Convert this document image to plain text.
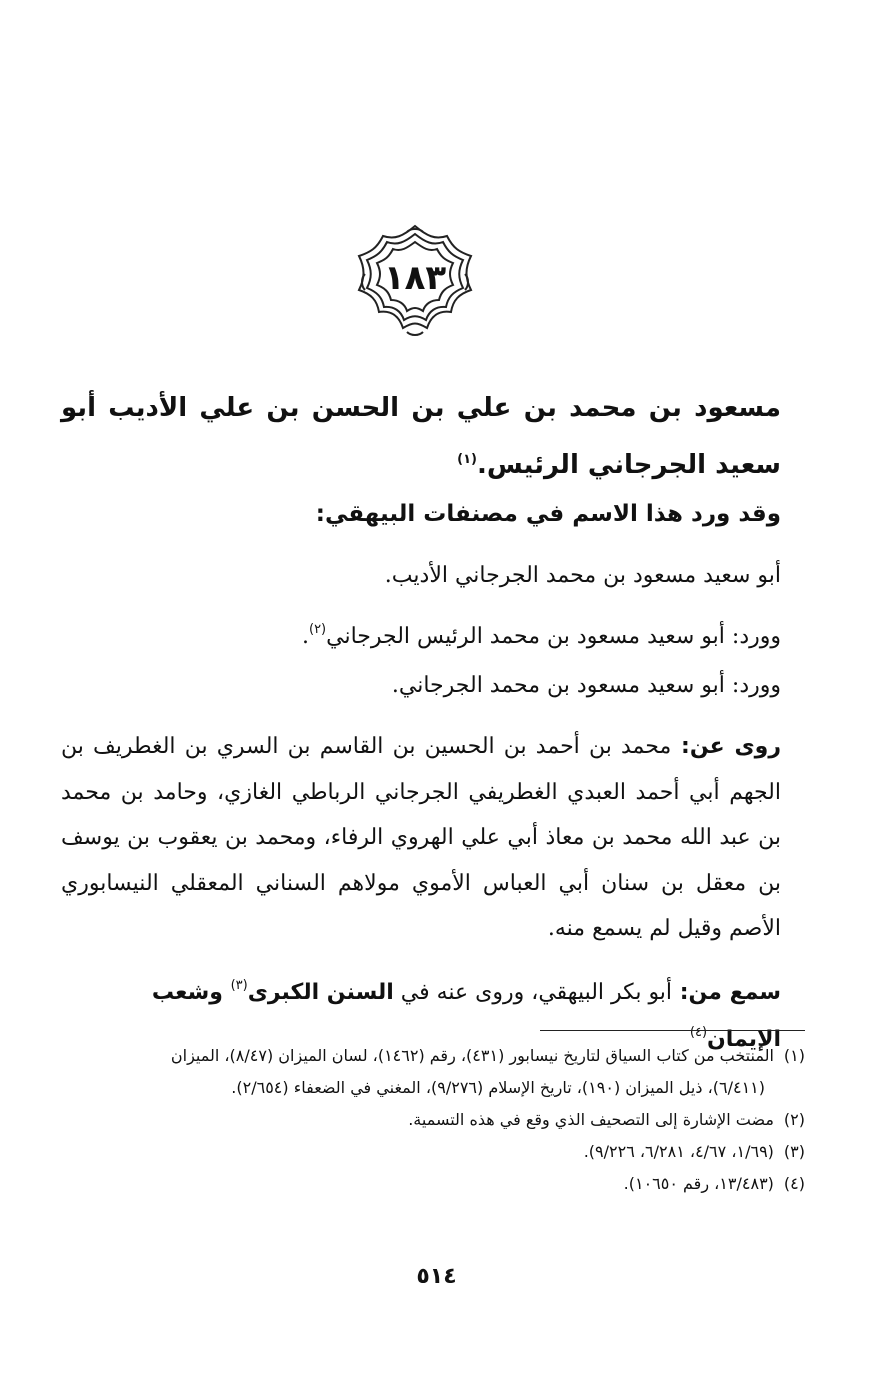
١٨٣
مسعود بن محمد بن علي بن الحسن بن علي الأديب أبو سعيد الجرجاني الرئيس.$^{(١)}$
وقد ورد هذا الاسم في مصنفات البيهقي:
أبو سعيد مسعود بن محمد الجرجاني الأديب.
وورد: أبو سعيد مسعود بن محمد الرئيس الجرجاني$^{(٢)}$.
وورد: أبو سعيد مسعود بن محمد الجرجاني.
روى عن: محمد بن أحمد بن الحسين بن القاسم بن السري بن الغطريف بن الجهم أبي أحمد العبدي الغطريفي الجرجاني الرباطي الغازي، وحامد بن محمد بن عبد الله محمد بن معاذ أبي علي الهروي الرفاء، ومحمد بن يعقوب بن يوسف بن معقل بن سنان أبي العباس الأموي مولاهم السناني المعقلي النيسابوري الأصم وقيل لم يسمع منه.
سمع من: أبو بكر البيهقي، وروى عنه في السنن الكبرى$^{(٣)}$ وشعب الإيمان$^{(٤)}$
(١)المنتخب من كتاب السياق لتاريخ نيسابور (٤٣١)، رقم (١٤٦٢)، لسان الميزان (٨/٤٧)، الميزان
(٦/٤١١)، ذيل الميزان (١٩٠)، تاريخ الإسلام (٩/٢٧٦)، المغني في الضعفاء (٢/٦٥٤).
(٢)مضت الإشارة إلى التصحيف الذي وقع في هذه التسمية.
(٣)(١/٦٩، ٤/٦٧، ٦/٢٨١، ٩/٢٢٦).
(٤)(١٣/٤٨٣، رقم ١٠٦٥٠).
٥١٤
